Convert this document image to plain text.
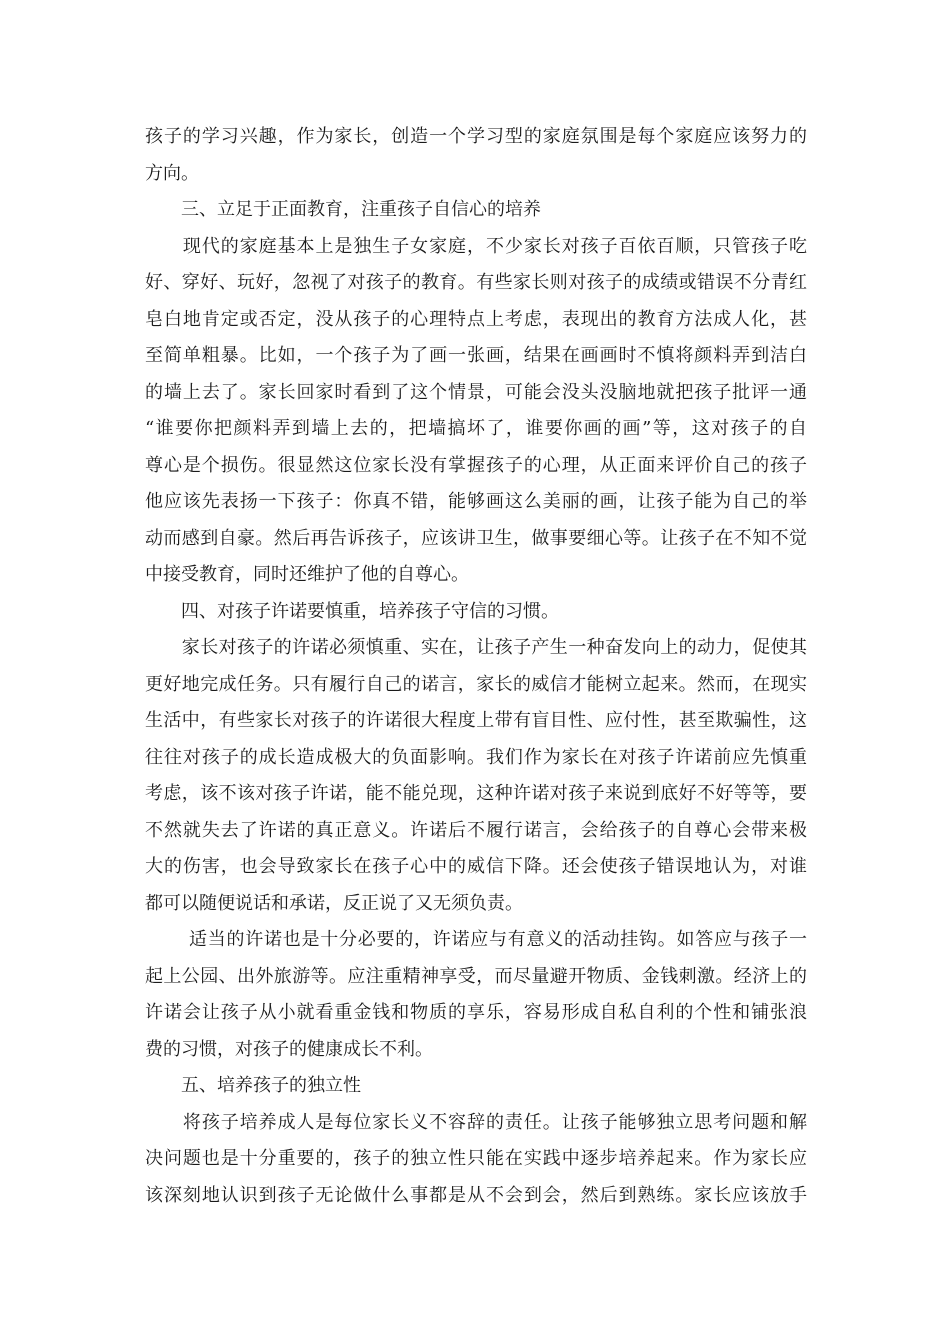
孩子的学习兴趣，作为家长，创造一个学习型的家庭氛围是每个家庭应该努力的
方向。
　　三、立足于正面教育，注重孩子自信心的培养
　　现代的家庭基本上是独生子女家庭，不少家长对孩子百依百顺，只管孩子吃
好、穿好、玩好，忽视了对孩子的教育。有些家长则对孩子的成绩或错误不分青红
皂白地肯定或否定，没从孩子的心理特点上考虑，表现出的教育方法成人化，甚
至简单粗暴。比如，一个孩子为了画一张画，结果在画画时不慎将颜料弄到洁白
的墙上去了。家长回家时看到了这个情景，可能会没头没脑地就把孩子批评一通
“谁要你把颜料弄到墙上去的，把墙搞坏了，谁要你画的画”等，这对孩子的自
尊心是个损伤。很显然这位家长没有掌握孩子的心理，从正面来评价自己的孩子
他应该先表扬一下孩子：你真不错，能够画这么美丽的画，让孩子能为自己的举
动而感到自豪。然后再告诉孩子，应该讲卫生，做事要细心等。让孩子在不知不觉
中接受教育，同时还维护了他的自尊心。
　　四、对孩子许诺要慎重，培养孩子守信的习惯。
　　家长对孩子的许诺必须慎重、实在，让孩子产生一种奋发向上的动力，促使其
更好地完成任务。只有履行自己的诺言，家长的威信才能树立起来。然而，在现实
生活中，有些家长对孩子的许诺很大程度上带有盲目性、应付性，甚至欺骗性，这
往往对孩子的成长造成极大的负面影响。我们作为家长在对孩子许诺前应先慎重
考虑，该不该对孩子许诺，能不能兑现，这种许诺对孩子来说到底好不好等等，要
不然就失去了许诺的真正意义。许诺后不履行诺言，会给孩子的自尊心会带来极
大的伤害，也会导致家长在孩子心中的威信下降。还会使孩子错误地认为，对谁
都可以随便说话和承诺，反正说了又无须负责。
　　 适当的许诺也是十分必要的，许诺应与有意义的活动挂钩。如答应与孩子一
起上公园、出外旅游等。应注重精神享受，而尽量避开物质、金钱刺激。经济上的
许诺会让孩子从小就看重金钱和物质的享乐，容易形成自私自利的个性和铺张浪
费的习惯，对孩子的健康成长不利。
　　五、培养孩子的独立性
　　将孩子培养成人是每位家长义不容辞的责任。让孩子能够独立思考问题和解
决问题也是十分重要的，孩子的独立性只能在实践中逐步培养起来。作为家长应
该深刻地认识到孩子无论做什么事都是从不会到会，然后到熟练。家长应该放手
